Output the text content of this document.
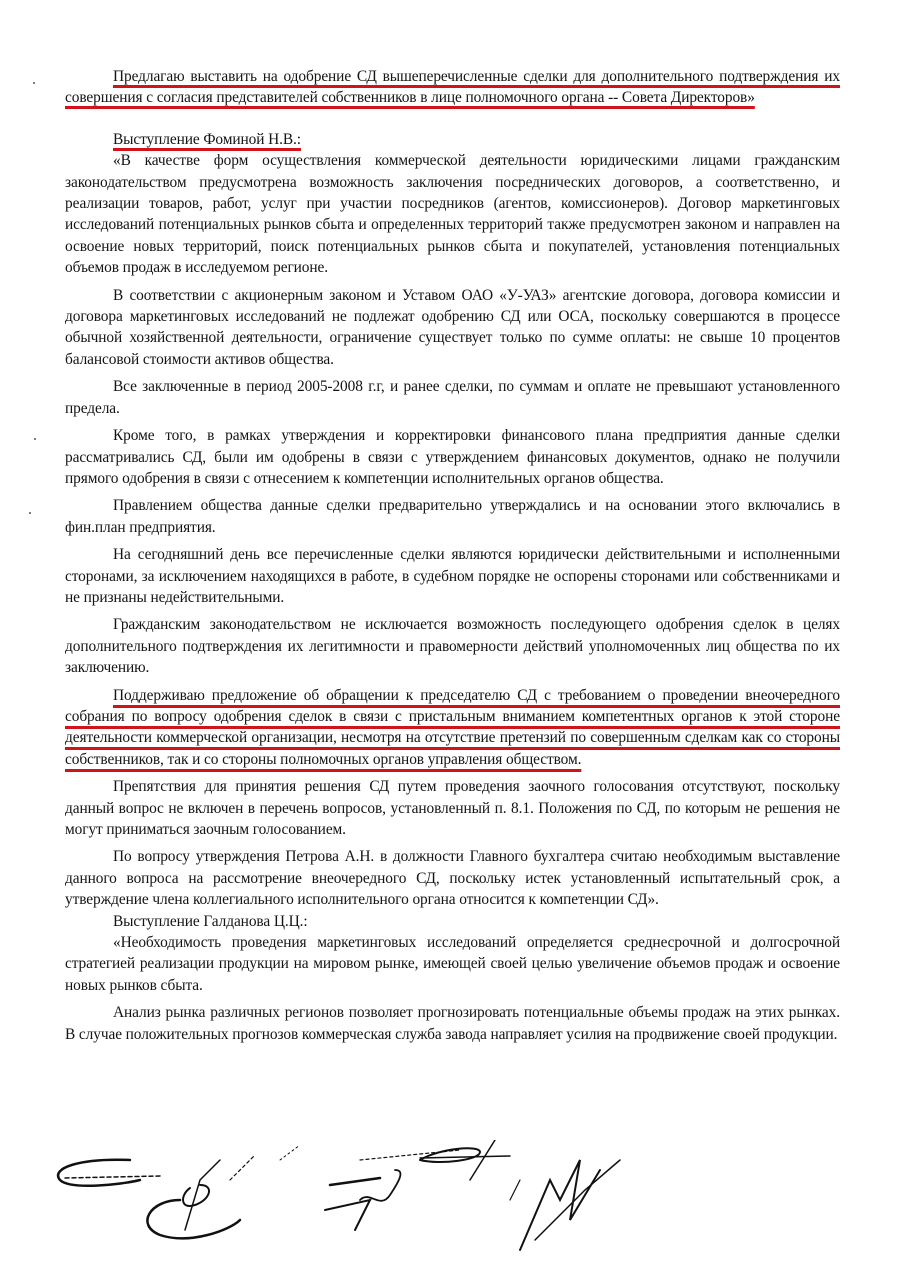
Предлагаю выставить на одобрение СД вышеперечисленные сделки для дополнительного подтверждения их совершения с согласия представителей собственников в лице полномочного органа -- Совета Директоров»

Выступление Фоминой Н.В.:

«В качестве форм осуществления коммерческой деятельности юридическими лицами гражданским законодательством предусмотрена возможность заключения посреднических договоров, а соответственно, и реализации товаров, работ, услуг при участии посредников (агентов, комиссионеров). Договор маркетинговых исследований потенциальных рынков сбыта и определенных территорий также предусмотрен законом и направлен на освоение новых территорий, поиск потенциальных рынков сбыта и покупателей, установления потенциальных объемов продаж в исследуемом регионе.

В соответствии с акционерным законом и Уставом ОАО «У-УАЗ» агентские договора, договора комиссии и договора маркетинговых исследований не подлежат одобрению СД или ОСА, поскольку совершаются в процессе обычной хозяйственной деятельности, ограничение существует только по сумме оплаты: не свыше 10 процентов балансовой стоимости активов общества.

Все заключенные в период 2005-2008 г.г, и ранее сделки, по суммам и оплате не превышают установленного предела.

Кроме того, в рамках утверждения и корректировки финансового плана предприятия данные сделки рассматривались СД, были им одобрены в связи с утверждением финансовых документов, однако не получили прямого одобрения в связи с отнесением к компетенции исполнительных органов общества.

Правлением общества данные сделки предварительно утверждались и на основании этого включались в фин.план предприятия.

На сегодняшний день все перечисленные сделки являются юридически действительными и исполненными сторонами, за исключением находящихся в работе, в судебном порядке не оспорены сторонами или собственниками и не признаны недействительными.

Гражданским законодательством не исключается возможность последующего одобрения сделок в целях дополнительного подтверждения их легитимности и правомерности действий уполномоченных лиц общества по их заключению.

Поддерживаю предложение об обращении к председателю СД с требованием о проведении внеочередного собрания по вопросу одобрения сделок в связи с пристальным вниманием компетентных органов к этой стороне деятельности коммерческой организации, несмотря на отсутствие претензий по совершенным сделкам как со стороны собственников, так и со стороны полномочных органов управления обществом.

Препятствия для принятия решения СД путем проведения заочного голосования отсутствуют, поскольку данный вопрос не включен в перечень вопросов, установленный п. 8.1. Положения по СД, по которым не решения не могут приниматься заочным голосованием.

По вопросу утверждения Петрова А.Н. в должности Главного бухгалтера считаю необходимым выставление данного вопроса на рассмотрение внеочередного СД, поскольку истек установленный испытательный срок, а утверждение члена коллегиального исполнительного органа относится к компетенции СД».

Выступление Галданова Ц.Ц.:

«Необходимость проведения маркетинговых исследований определяется среднесрочной и долгосрочной стратегией реализации продукции на мировом рынке, имеющей своей целью увеличение объемов продаж и освоение новых рынков сбыта.

Анализ рынка различных регионов позволяет прогнозировать потенциальные объемы продаж на этих рынках. В случае положительных прогнозов коммерческая служба завода направляет усилия на продвижение своей продукции.
